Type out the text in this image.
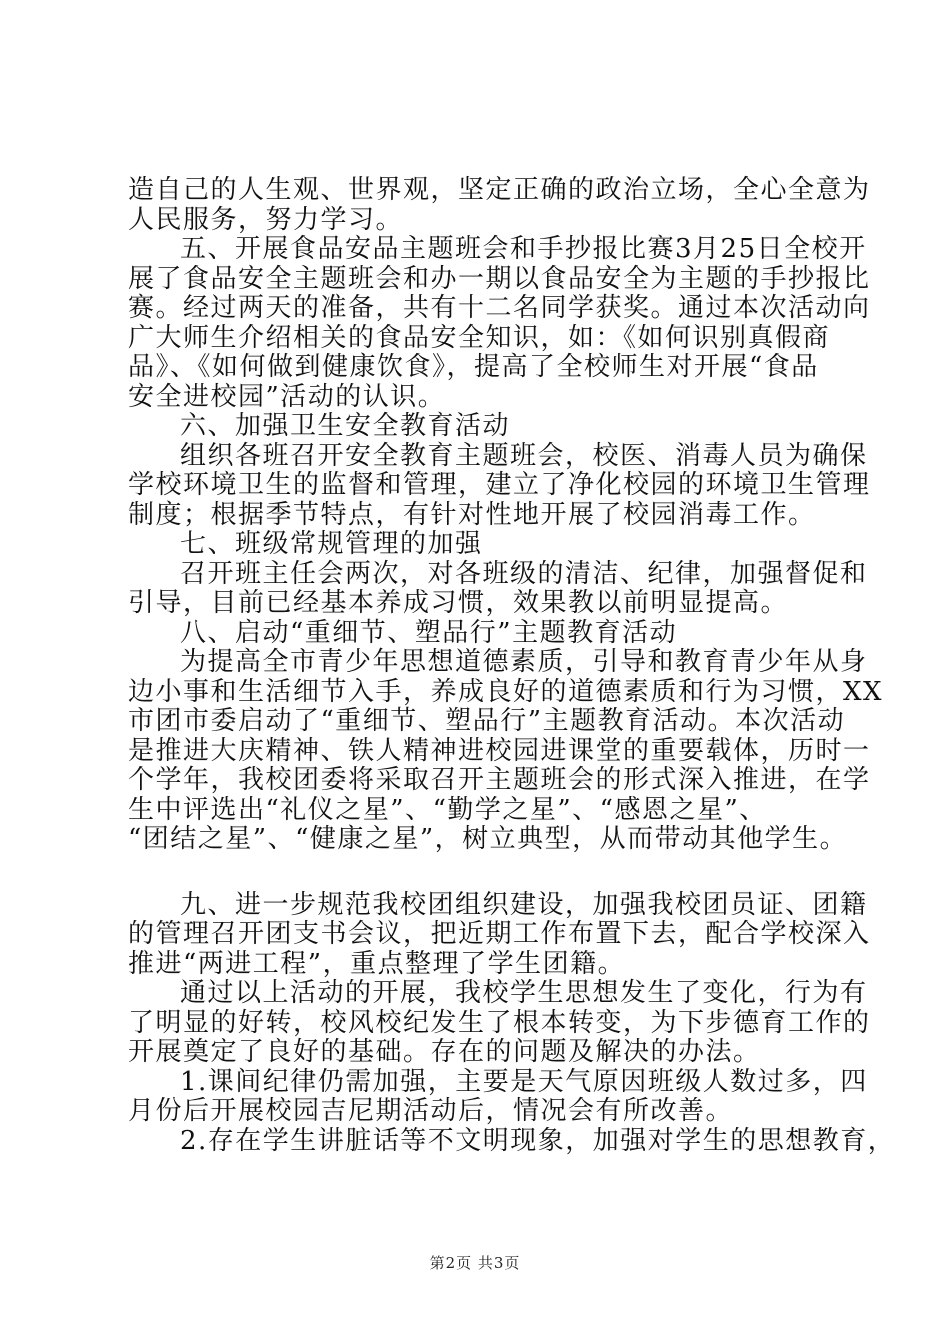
造自己的人生观、世界观，坚定正确的政治立场，全心全意为
人民服务，努力学习。
五、开展食品安品主题班会和手抄报比赛3月25日全校开
展了食品安全主题班会和办一期以食品安全为主题的手抄报比
赛。经过两天的准备，共有十二名同学获奖。通过本次活动向
广大师生介绍相关的食品安全知识，如：《如何识别真假商
品》、《如何做到健康饮食》，提高了全校师生对开展“食品
安全进校园”活动的认识。
六、加强卫生安全教育活动
组织各班召开安全教育主题班会，校医、消毒人员为确保
学校环境卫生的监督和管理，建立了净化校园的环境卫生管理
制度；根据季节特点，有针对性地开展了校园消毒工作。
七、班级常规管理的加强
召开班主任会两次，对各班级的清洁、纪律，加强督促和
引导，目前已经基本养成习惯，效果教以前明显提高。
八、启动“重细节、塑品行”主题教育活动
为提高全市青少年思想道德素质，引导和教育青少年从身
边小事和生活细节入手，养成良好的道德素质和行为习惯，XX
市团市委启动了“重细节、塑品行”主题教育活动。本次活动
是推进大庆精神、铁人精神进校园进课堂的重要载体，历时一
个学年，我校团委将采取召开主题班会的形式深入推进，在学
生中评选出“礼仪之星”、“勤学之星”、“感恩之星”、
“团结之星”、“健康之星”，树立典型，从而带动其他学生。
九、进一步规范我校团组织建设，加强我校团员证、团籍
的管理召开团支书会议，把近期工作布置下去，配合学校深入
推进“两进工程”，重点整理了学生团籍。
通过以上活动的开展，我校学生思想发生了变化，行为有
了明显的好转，校风校纪发生了根本转变，为下步德育工作的
开展奠定了良好的基础。存在的问题及解决的办法。
1.课间纪律仍需加强，主要是天气原因班级人数过多，四
月份后开展校园吉尼期活动后，情况会有所改善。
2.存在学生讲脏话等不文明现象，加强对学生的思想教育，
第2页 共3页
